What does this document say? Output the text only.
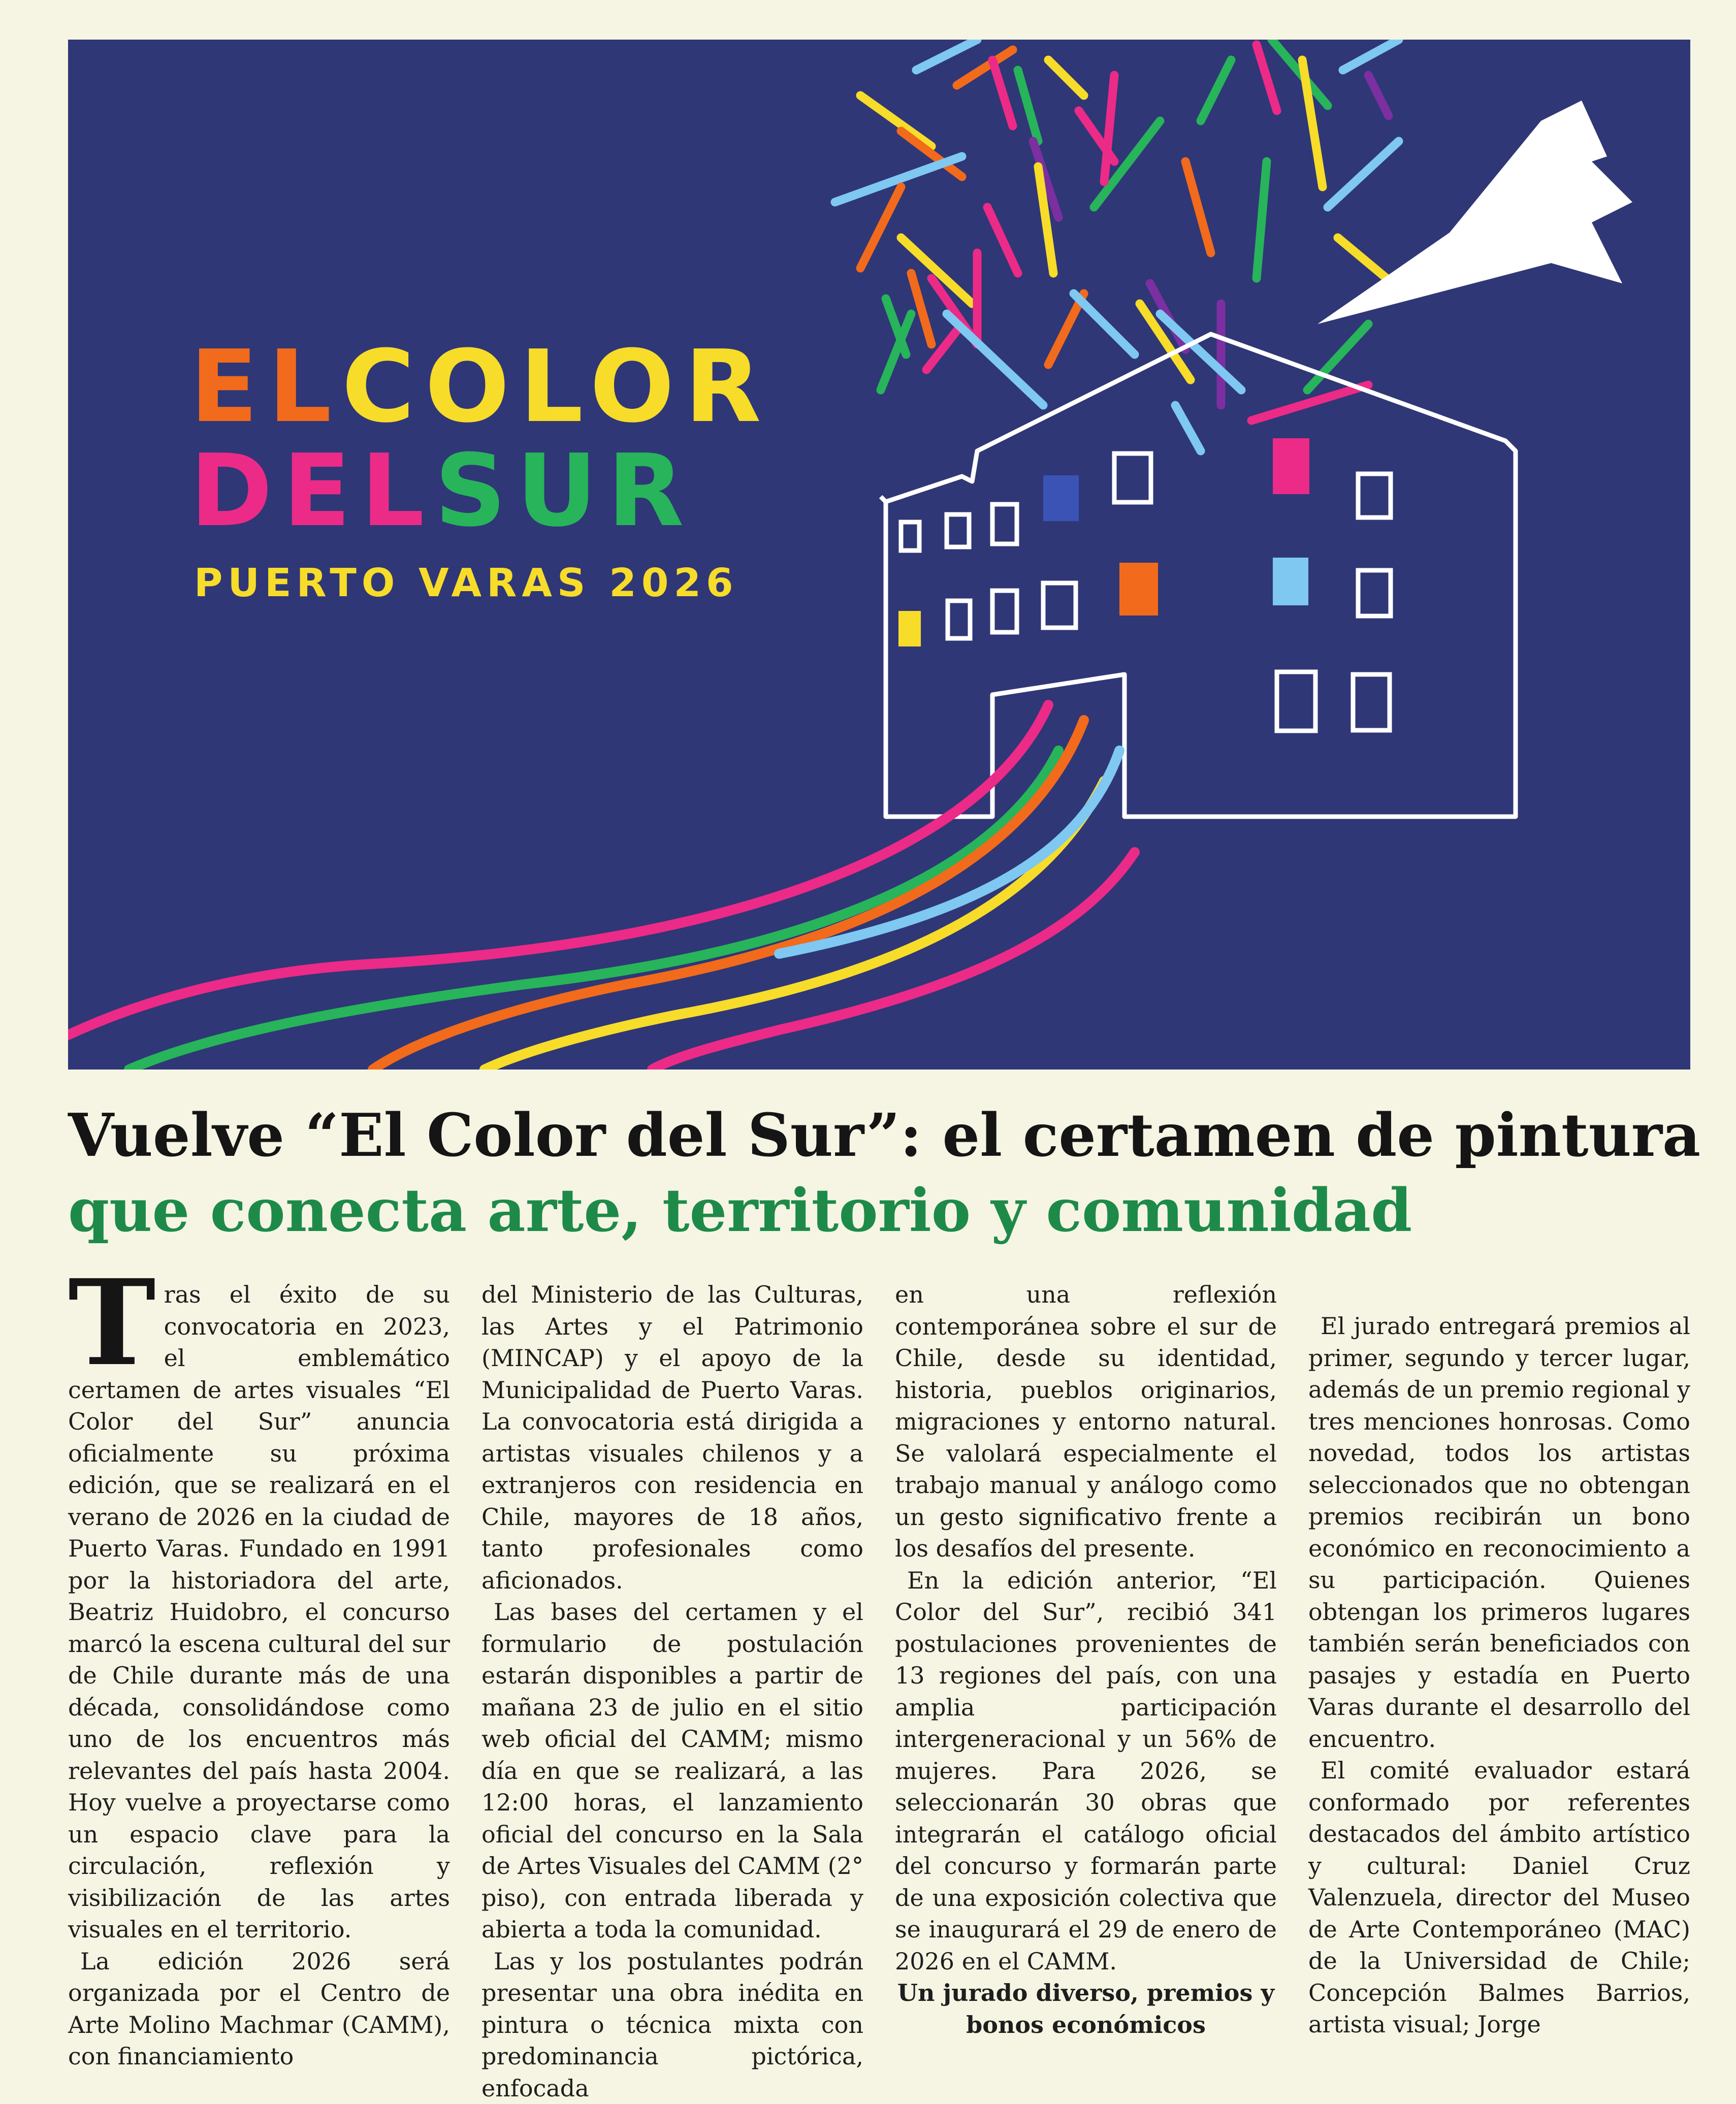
EL COLOR
DEL SUR
PUERTO VARAS 2026
Vuelve “El Color del Sur”: el certamen de pintura
que conecta arte, territorio y comunidad

Tras el éxito de su convocatoria en 2023, el emblemático certamen de artes visuales “El Color del Sur” anuncia oficialmente su próxima edición, que se realizará en el verano de 2026 en la ciudad de Puerto Varas. Fundado en 1991 por la historiadora del arte, Beatriz Huidobro, el concurso marcó la escena cultural del sur de Chile durante más de una década, consolidándose como uno de los encuentros más relevantes del país hasta 2004. Hoy vuelve a proyectarse como un espacio clave para la circulación, reflexión y visibilización de las artes visuales en el territorio.

La edición 2026 será organizada por el Centro de Arte Molino Machmar (CAMM), con financiamiento

del Ministerio de las Culturas, las Artes y el Patrimonio (MINCAP) y el apoyo de la Municipalidad de Puerto Varas. La convocatoria está dirigida a artistas visuales chilenos y a extranjeros con residencia en Chile, mayores de 18 años, tanto profesionales como aficionados.

Las bases del certamen y el formulario de postulación estarán disponibles a partir de mañana 23 de julio en el sitio web oficial del CAMM; mismo día en que se realizará, a las 12:00 horas, el lanzamiento oficial del concurso en la Sala de Artes Visuales del CAMM (2° piso), con entrada liberada y abierta a toda la comunidad.

Las y los postulantes podrán presentar una obra inédita en pintura o técnica mixta con predominancia pictórica, enfocada

en una reflexión contemporánea sobre el sur de Chile, desde su identidad, historia, pueblos originarios, migraciones y entorno natural. Se valolará especialmente el trabajo manual y análogo como un gesto significativo frente a los desafíos del presente.

En la edición anterior, “El Color del Sur”, recibió 341 postulaciones provenientes de 13 regiones del país, con una amplia participación intergeneracional y un 56% de mujeres. Para 2026, se seleccionarán 30 obras que integrarán el catálogo oficial del concurso y formarán parte de una exposición colectiva que se inaugurará el 29 de enero de 2026 en el CAMM.

Un jurado diverso, premios y bonos económicos

El jurado entregará premios al primer, segundo y tercer lugar, además de un premio regional y tres menciones honrosas. Como novedad, todos los artistas seleccionados que no obtengan premios recibirán un bono económico en reconocimiento a su participación. Quienes obtengan los primeros lugares también serán beneficiados con pasajes y estadía en Puerto Varas durante el desarrollo del encuentro.

El comité evaluador estará conformado por referentes destacados del ámbito artístico y cultural: Daniel Cruz Valenzuela, director del Museo de Arte Contemporáneo (MAC) de la Universidad de Chile; Concepción Balmes Barrios, artista visual; Jorge
